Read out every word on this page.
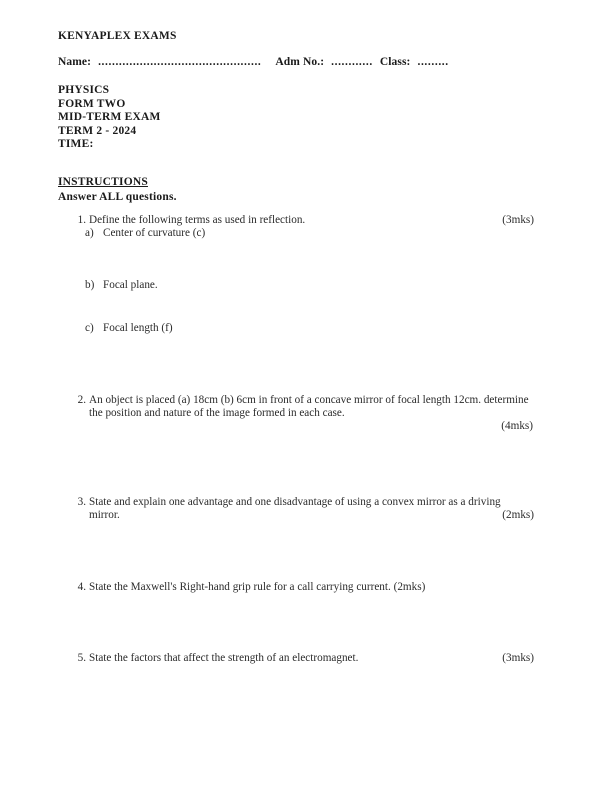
KENYAPLEX EXAMS
Name: ............................................... Adm No.: ............ Class: .........
PHYSICS
FORM TWO
MID-TERM EXAM
TERM 2 - 2024
TIME:
INSTRUCTIONS
Answer ALL questions.
1. Define the following terms as used in reflection.	(3mks)
a) Center of curvature (c)
b) Focal plane.
c) Focal length (f)
2. An object is placed (a) 18cm (b) 6cm in front of a concave mirror of focal length 12cm. determine the position and nature of the image formed in each case.
(4mks)
3. State and explain one advantage and one disadvantage of using a convex mirror as a driving mirror.	(2mks)
4. State the Maxwell's Right-hand grip rule for a call carrying current. (2mks)
5. State the factors that affect the strength of an electromagnet.	(3mks)
